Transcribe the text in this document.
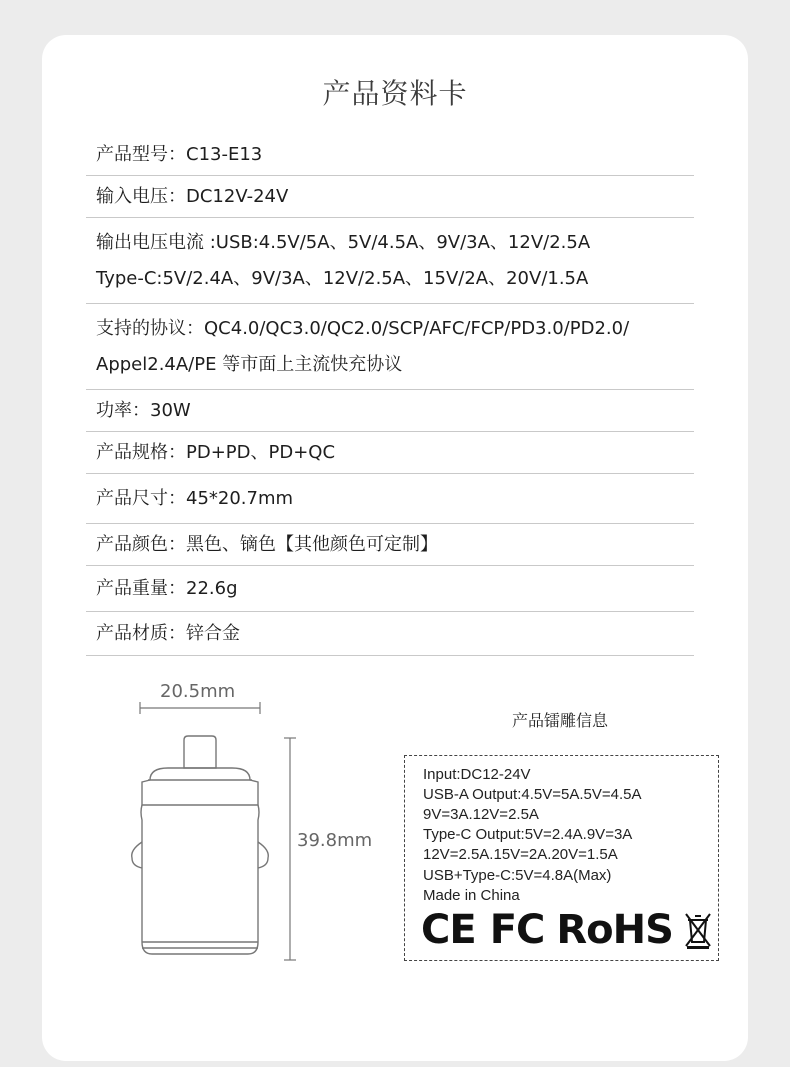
产品资料卡
产品型号：C13-E13
输入电压：DC12V-24V
输出电压电流 :USB:4.5V/5A、5V/4.5A、9V/3A、12V/2.5A
Type-C:5V/2.4A、9V/3A、12V/2.5A、15V/2A、20V/1.5A
支持的协议：QC4.0/QC3.0/QC2.0/SCP/AFC/FCP/PD3.0/PD2.0/
Appel2.4A/PE 等市面上主流快充协议
功率：30W
产品规格：PD+PD、PD+QC
产品尺寸：45*20.7mm
产品颜色：黑色、镝色【其他颜色可定制】
产品重量：22.6g
产品材质：锌合金
20.5mm
39.8mm
产品镭雕信息
Input:DC12-24V
USB-A Output:4.5V=5A.5V=4.5A
9V=3A.12V=2.5A
Type-C Output:5V=2.4A.9V=3A
12V=2.5A.15V=2A.20V=1.5A
USB+Type-C:5V=4.8A(Max)
Made in China
CE FC RoHS
